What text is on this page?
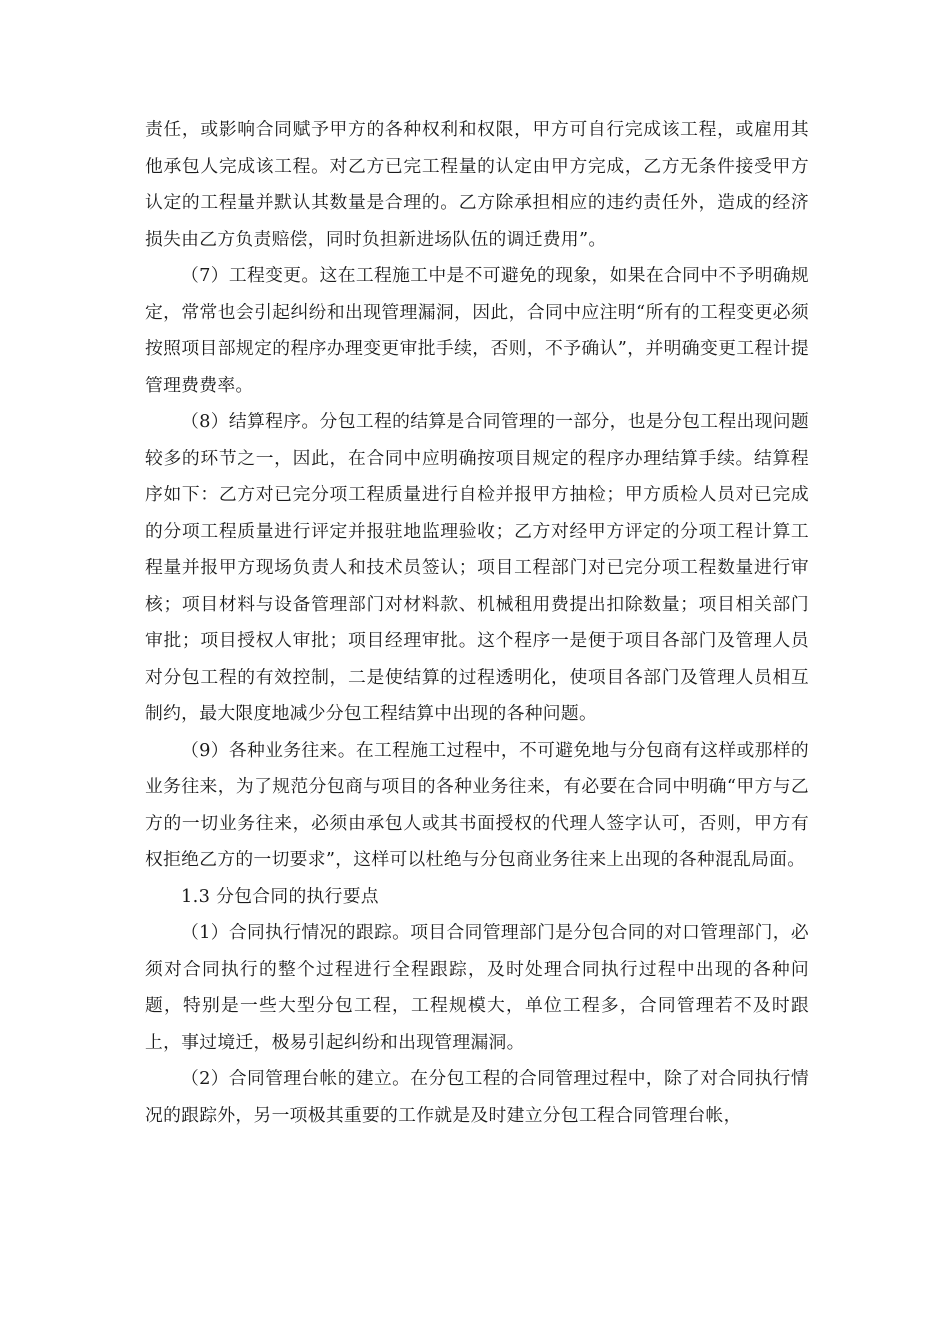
责任，或影响合同赋予甲方的各种权利和权限，甲方可自行完成该工程，或雇用其他承包人完成该工程。对乙方已完工程量的认定由甲方完成，乙方无条件接受甲方认定的工程量并默认其数量是合理的。乙方除承担相应的违约责任外，造成的经济损失由乙方负责赔偿，同时负担新进场队伍的调迁费用”。

（7）工程变更。这在工程施工中是不可避免的现象，如果在合同中不予明确规定，常常也会引起纠纷和出现管理漏洞，因此，合同中应注明“所有的工程变更必须按照项目部规定的程序办理变更审批手续，否则，不予确认”，并明确变更工程计提管理费费率。

（8）结算程序。分包工程的结算是合同管理的一部分，也是分包工程出现问题较多的环节之一，因此，在合同中应明确按项目规定的程序办理结算手续。结算程序如下：乙方对已完分项工程质量进行自检并报甲方抽检；甲方质检人员对已完成的分项工程质量进行评定并报驻地监理验收；乙方对经甲方评定的分项工程计算工程量并报甲方现场负责人和技术员签认；项目工程部门对已完分项工程数量进行审核；项目材料与设备管理部门对材料款、机械租用费提出扣除数量；项目相关部门审批；项目授权人审批；项目经理审批。这个程序一是便于项目各部门及管理人员对分包工程的有效控制，二是使结算的过程透明化，使项目各部门及管理人员相互制约，最大限度地减少分包工程结算中出现的各种问题。

（9）各种业务往来。在工程施工过程中，不可避免地与分包商有这样或那样的业务往来，为了规范分包商与项目的各种业务往来，有必要在合同中明确“甲方与乙方的一切业务往来，必须由承包人或其书面授权的代理人签字认可，否则，甲方有权拒绝乙方的一切要求”，这样可以杜绝与分包商业务往来上出现的各种混乱局面。

1.3 分包合同的执行要点

（1）合同执行情况的跟踪。项目合同管理部门是分包合同的对口管理部门，必须对合同执行的整个过程进行全程跟踪，及时处理合同执行过程中出现的各种问题，特别是一些大型分包工程，工程规模大，单位工程多，合同管理若不及时跟上，事过境迁，极易引起纠纷和出现管理漏洞。

（2）合同管理台帐的建立。在分包工程的合同管理过程中，除了对合同执行情况的跟踪外，另一项极其重要的工作就是及时建立分包工程合同管理台帐，
